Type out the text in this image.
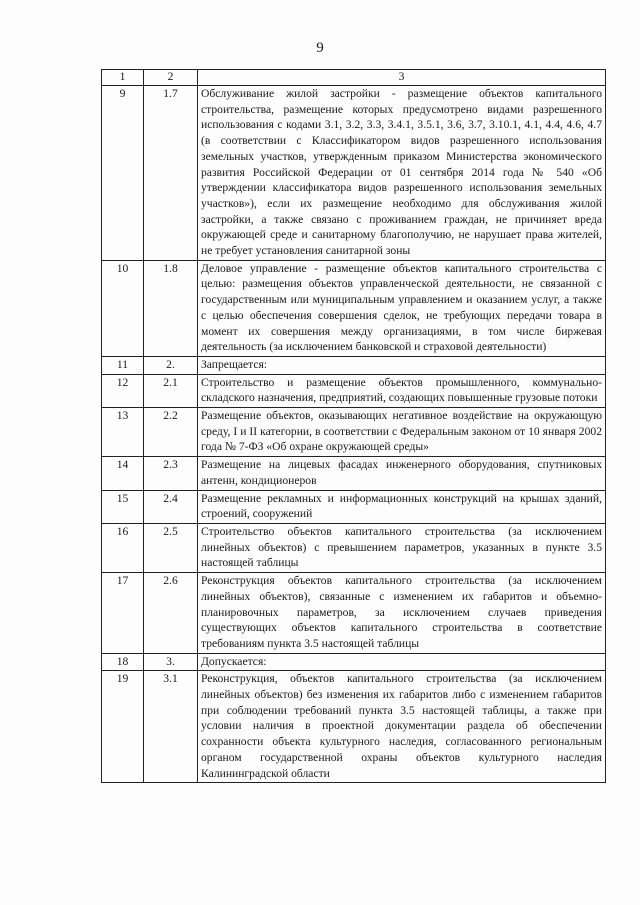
9
1	2	3
9	1.7	Обслуживание жилой застройки - размещение объектов капитального строительства, размещение которых предусмотрено видами разрешенного использования с кодами 3.1, 3.2, 3.3, 3.4.1, 3.5.1, 3.6, 3.7, 3.10.1, 4.1, 4.4, 4.6, 4.7 (в соответствии с Классификатором видов разрешенного использования земельных участков, утвержденным приказом Министерства экономического развития Российской Федерации от 01 сентября 2014 года № 540 «Об утверждении классификатора видов разрешенного использования земельных участков»), если их размещение необходимо для обслуживания жилой застройки, а также связано с проживанием граждан, не причиняет вреда окружающей среде и санитарному благополучию, не нарушает права жителей, не требует установления санитарной зоны
10	1.8	Деловое управление - размещение объектов капитального строительства с целью: размещения объектов управленческой деятельности, не связанной с государственным или муниципальным управлением и оказанием услуг, а также с целью обеспечения совершения сделок, не требующих передачи товара в момент их совершения между организациями, в том числе биржевая деятельность (за исключением банковской и страховой деятельности)
11	2.	Запрещается:
12	2.1	Строительство и размещение объектов промышленного, коммунально-складского назначения, предприятий, создающих повышенные грузовые потоки
13	2.2	Размещение объектов, оказывающих негативное воздействие на окружающую среду, I и II категории, в соответствии с Федеральным законом от 10 января 2002 года № 7-ФЗ «Об охране окружающей среды»
14	2.3	Размещение на лицевых фасадах инженерного оборудования, спутниковых антенн, кондиционеров
15	2.4	Размещение рекламных и информационных конструкций на крышах зданий, строений, сооружений
16	2.5	Строительство объектов капитального строительства (за исключением линейных объектов) с превышением параметров, указанных в пункте 3.5 настоящей таблицы
17	2.6	Реконструкция объектов капитального строительства (за исключением линейных объектов), связанные с изменением их габаритов и объемно-планировочных параметров, за исключением случаев приведения существующих объектов капитального строительства в соответствие требованиям пункта 3.5 настоящей таблицы
18	3.	Допускается:
19	3.1	Реконструкция, объектов капитального строительства (за исключением линейных объектов) без изменения их габаритов либо с изменением габаритов при соблюдении требований пункта 3.5 настоящей таблицы, а также при условии наличия в проектной документации раздела об обеспечении сохранности объекта культурного наследия, согласованного региональным органом государственной охраны объектов культурного наследия Калининградской области
